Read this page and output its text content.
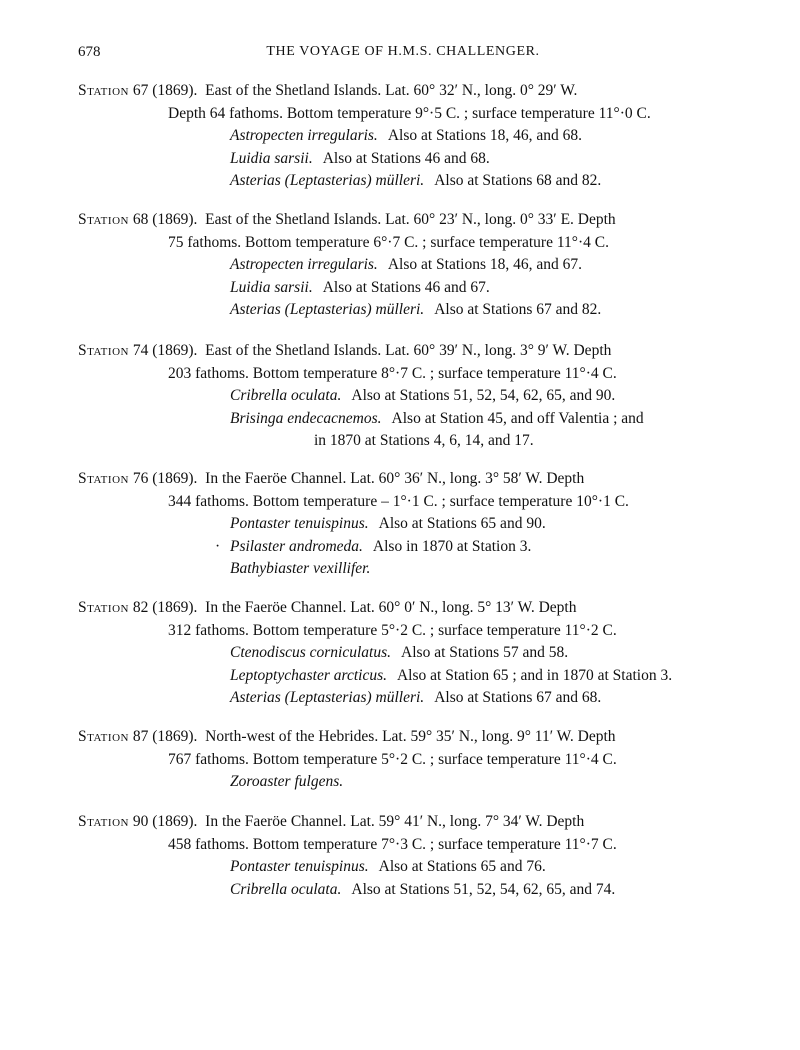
678	THE VOYAGE OF H.M.S. CHALLENGER.
Station 67 (1869). East of the Shetland Islands. Lat. 60° 32′ N., long. 0° 29′ W.
Depth 64 fathoms. Bottom temperature 9°·5 C. ; surface temperature 11°·0 C.
Astropecten irregularis. Also at Stations 18, 46, and 68.
Luidia sarsii. Also at Stations 46 and 68.
Asterias (Leptasterias) mülleri. Also at Stations 68 and 82.
Station 68 (1869). East of the Shetland Islands. Lat. 60° 23′ N., long. 0° 33′ E. Depth
75 fathoms. Bottom temperature 6°·7 C. ; surface temperature 11°·4 C.
Astropecten irregularis. Also at Stations 18, 46, and 67.
Luidia sarsii. Also at Stations 46 and 67.
Asterias (Leptasterias) mülleri. Also at Stations 67 and 82.
Station 74 (1869). East of the Shetland Islands. Lat. 60° 39′ N., long. 3° 9′ W. Depth
203 fathoms. Bottom temperature 8°·7 C. ; surface temperature 11°·4 C.
Cribrella oculata. Also at Stations 51, 52, 54, 62, 65, and 90.
Brisinga endecacnemos. Also at Station 45, and off Valentia ; and
in 1870 at Stations 4, 6, 14, and 17.
Station 76 (1869). In the Faeröe Channel. Lat. 60° 36′ N., long. 3° 58′ W. Depth
344 fathoms. Bottom temperature – 1°·1 C. ; surface temperature 10°·1 C.
Pontaster tenuispinus. Also at Stations 65 and 90.
· Psilaster andromeda. Also in 1870 at Station 3.
Bathybiaster vexillifer.
Station 82 (1869). In the Faeröe Channel. Lat. 60° 0′ N., long. 5° 13′ W. Depth
312 fathoms. Bottom temperature 5°·2 C. ; surface temperature 11°·2 C.
Ctenodiscus corniculatus. Also at Stations 57 and 58.
Leptoptychaster arcticus. Also at Station 65 ; and in 1870 at Station 3.
Asterias (Leptasterias) mülleri. Also at Stations 67 and 68.
Station 87 (1869). North-west of the Hebrides. Lat. 59° 35′ N., long. 9° 11′ W. Depth
767 fathoms. Bottom temperature 5°·2 C. ; surface temperature 11°·4 C.
Zoroaster fulgens.
Station 90 (1869). In the Faeröe Channel. Lat. 59° 41′ N., long. 7° 34′ W. Depth
458 fathoms. Bottom temperature 7°·3 C. ; surface temperature 11°·7 C.
Pontaster tenuispinus. Also at Stations 65 and 76.
Cribrella oculata. Also at Stations 51, 52, 54, 62, 65, and 74.
